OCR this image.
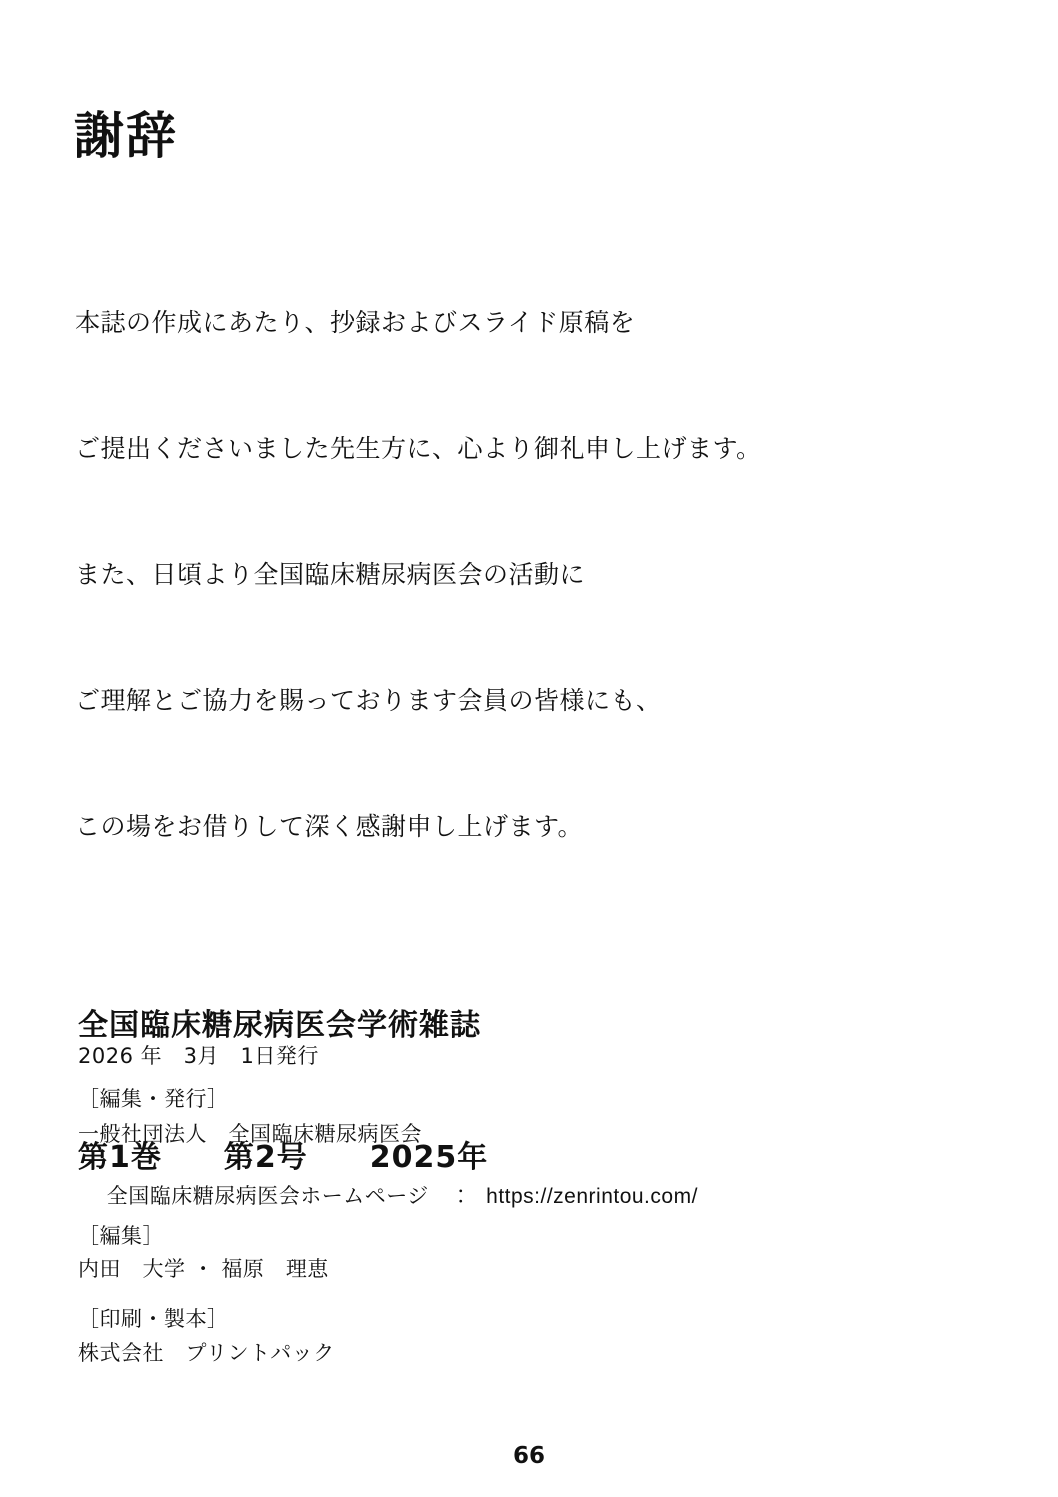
謝辞

本誌の作成にあたり、抄録およびスライド原稿を

ご提出くださいました先生方に、心より御礼申し上げます。

また、日頃より全国臨床糖尿病医会の活動に

ご理解とご協力を賜っております会員の皆様にも、

この場をお借りして深く感謝申し上げます。

全国臨床糖尿病医会学術雑誌

第1巻　　第2号　　2025年

2026 年　3月　1日発行
［編集・発行］
一般社団法人　全国臨床糖尿病医会

全国臨床糖尿病医会ホームページ　：  https://zenrintou.com/

［編集］
内田　大学 ・ 福原　理恵
［印刷・製本］
株式会社　プリントパック
66
